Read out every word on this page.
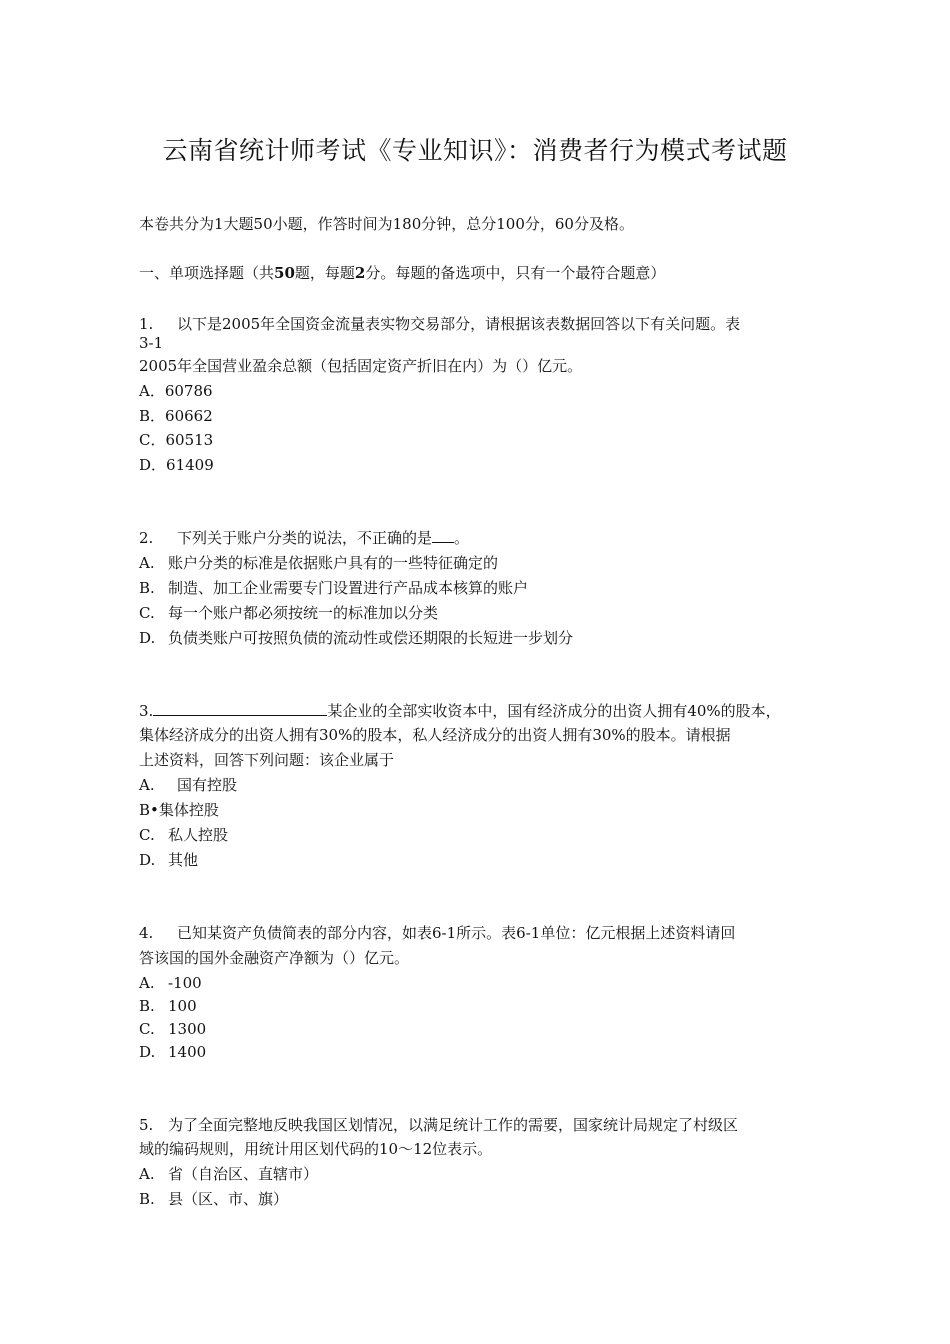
云南省统计师考试《专业知识》：消费者行为模式考试题
本卷共分为1大题50小题，作答时间为180分钟，总分100分，60分及格。
一、单项选择题（共50题，每题2分。每题的备选项中，只有一个最符合题意）
1. 以下是2005年全国资金流量表实物交易部分，请根据该表数据回答以下有关问题。表
3-1
2005年全国营业盈余总额（包括固定资产折旧在内）为（）亿元。
A．60786
B．60662
C．60513
D．61409
2. 下列关于账户分类的说法，不正确的是 。
A. 账户分类的标准是依据账户具有的一些特征确定的
B. 制造、加工企业需要专门设置进行产品成本核算的账户
C. 每一个账户都必须按统一的标准加以分类
D. 负债类账户可按照负债的流动性或偿还期限的长短进一步划分
3.	某企业的全部实收资本中，国有经济成分的出资人拥有40%的股本，
集体经济成分的出资人拥有30%的股本，私人经济成分的出资人拥有30%的股本。请根据
上述资料，回答下列问题：该企业属于
A. 国有控股
B•集体控股
C. 私人控股
D. 其他
4. 已知某资产负债简表的部分内容，如表6-1所示。表6-1单位：亿元根据上述资料请回
答该国的国外金融资产净额为（）亿元。
A. -100
B. 100
C. 1300
D. 1400
5. 为了全面完整地反映我国区划情况，以满足统计工作的需要，国家统计局规定了村级区
域的编码规则，用统计用区划代码的10〜12位表示。
A. 省（自治区、直辖市）
B. 县（区、市、旗）
